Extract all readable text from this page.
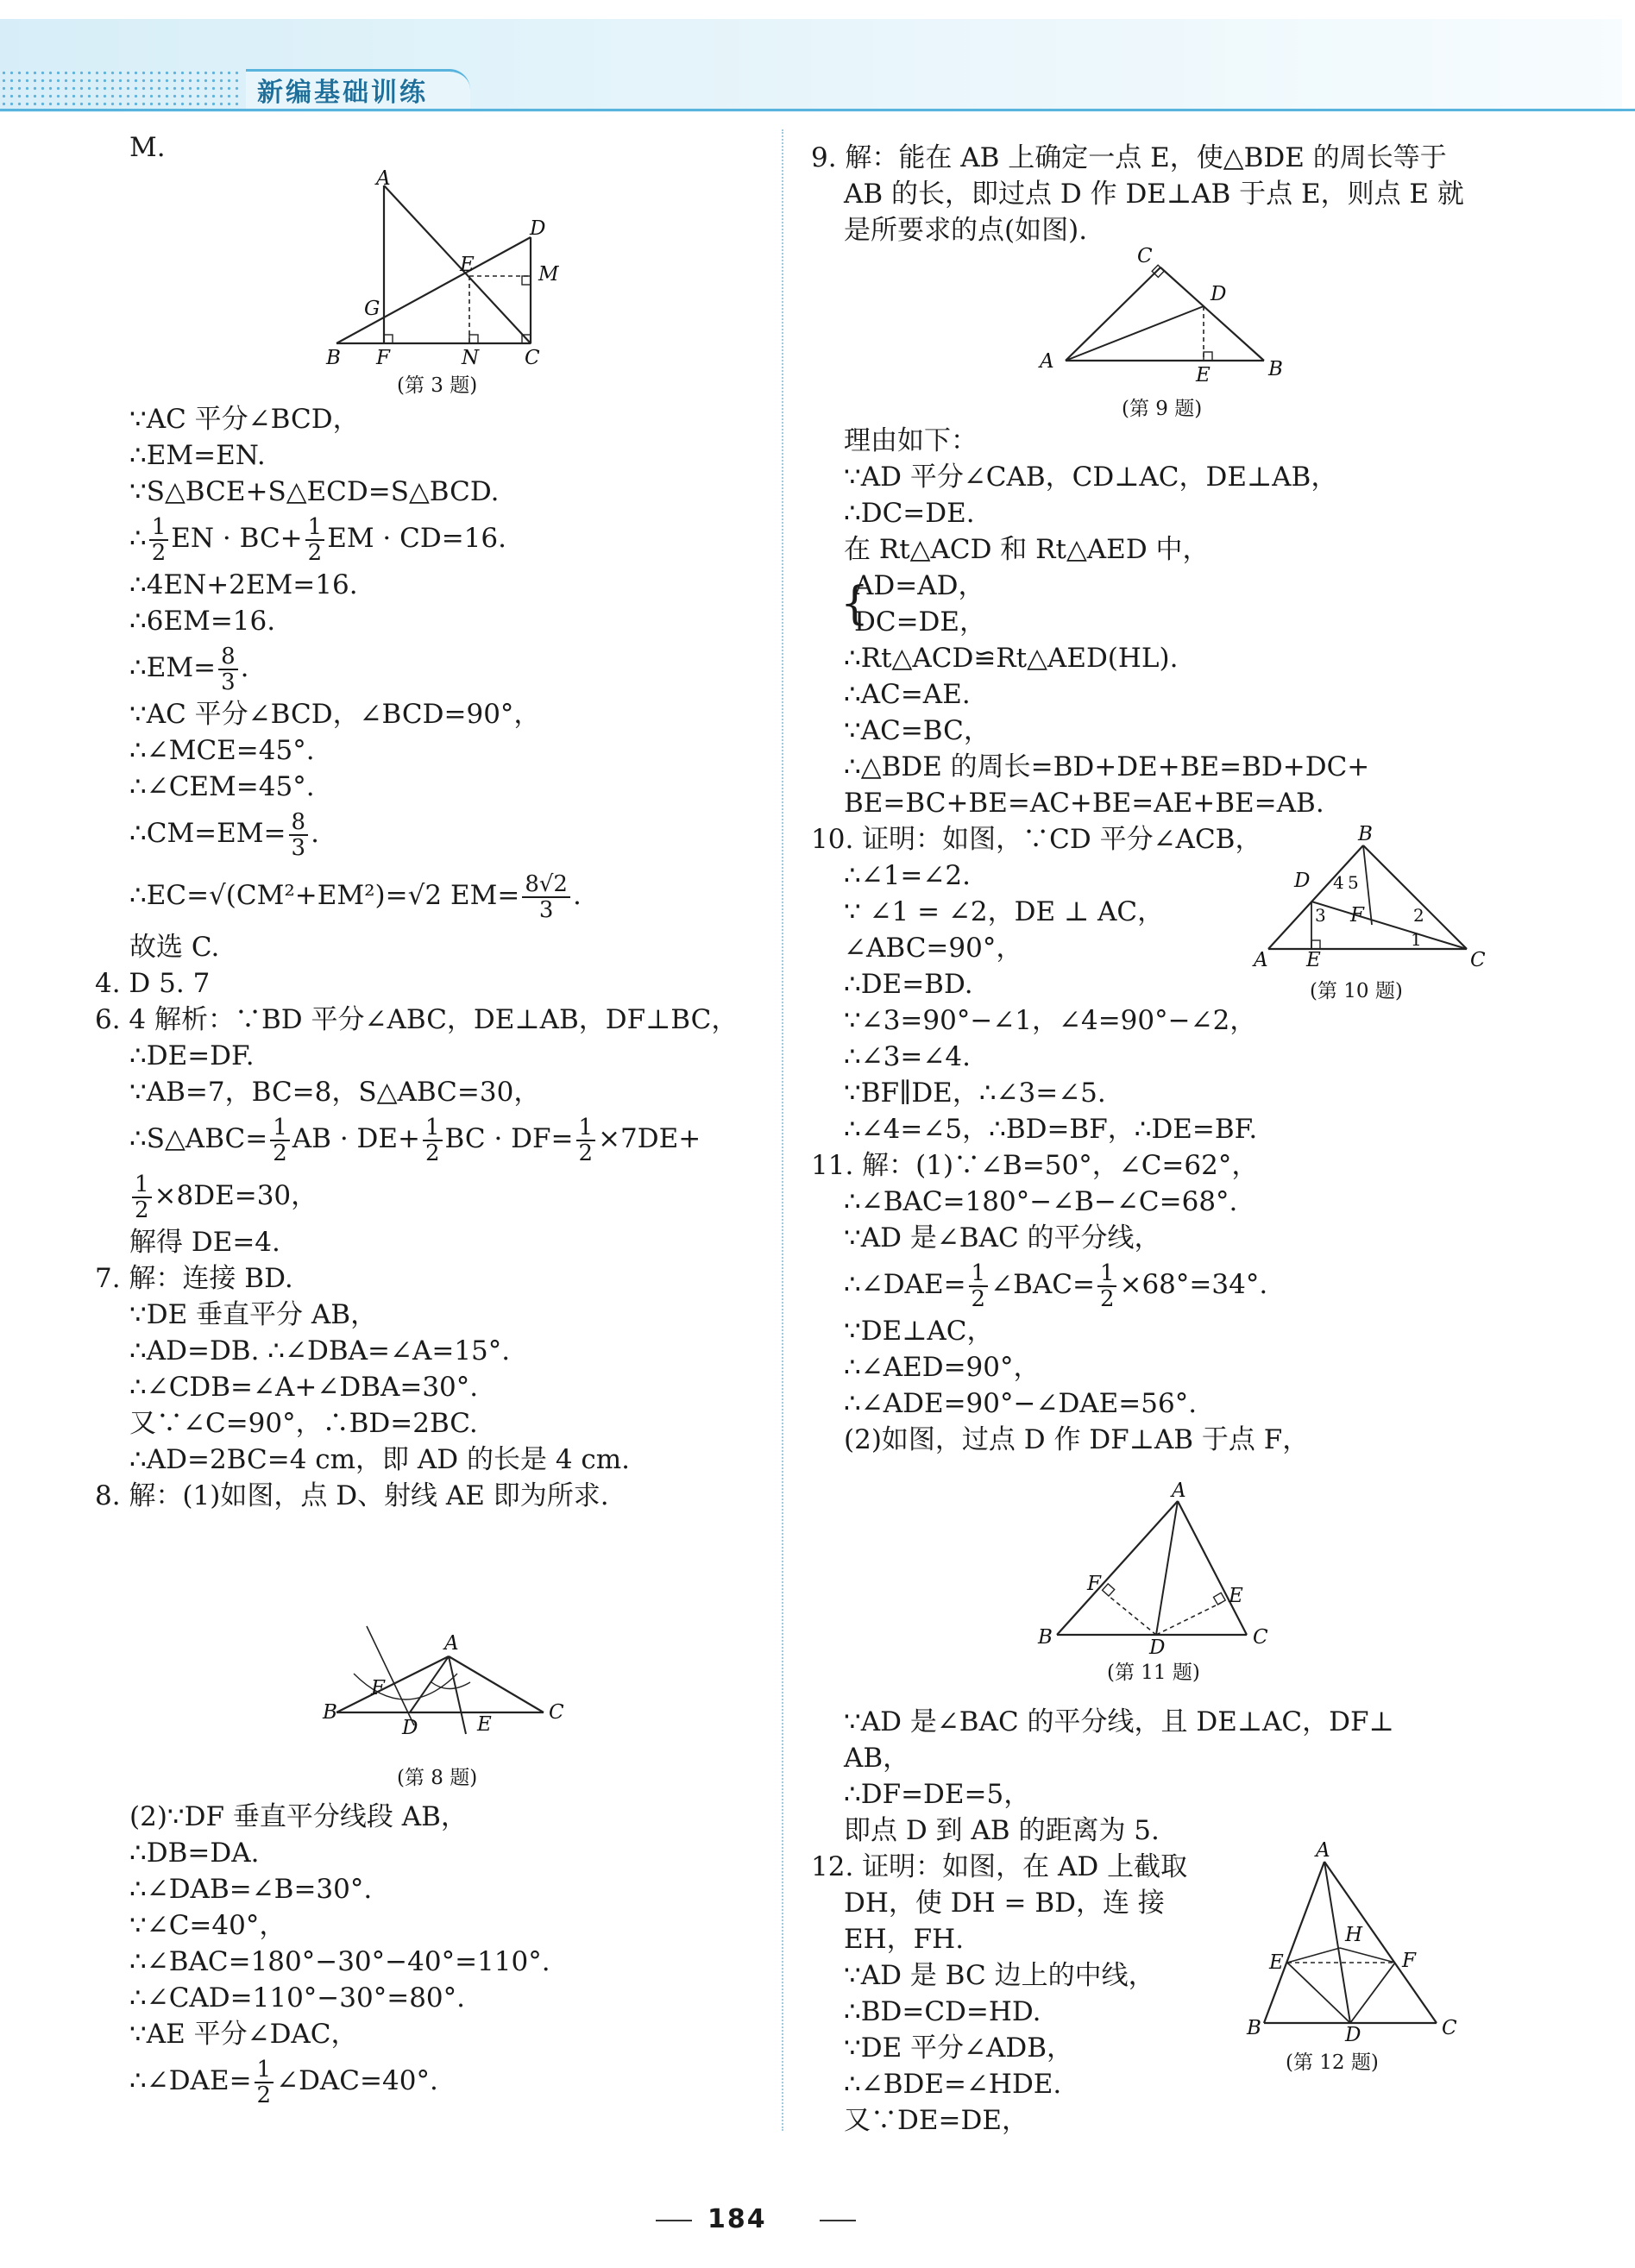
新编基础训练

M.

A
D
E	M
G
B F	N C
(第 3 题)

∵AC 平分∠BCD，

∴EM=EN.

∵S△BCE+S△ECD=S△BCD.

∴ $\frac{1}{2}$ EN · $BC+ \frac{1}{2}$ EM · CD=16.

∴4EN+2EM=16.

∴6EM=16.

∴EM= $\frac{8}{3}$ .

∵AC 平分∠BCD，∠BCD=90°，

∴∠MCE=45°.

∴∠CEM=45°.

∴CM=EM= $\frac{8}{3}$ .

∴EC=√(CM²+EM²)=√2 $EM= \frac{8√2}{3}$ .

故选 C.

4. D 5. 7

6. 4 解析：∵BD 平分∠ABC，DE⊥AB，DF⊥BC，

∴DE=DF.

∵AB=7，BC=8，S△ABC=30，

∴S△ABC= $\frac{1}{2}$ AB · $DE+ \frac{1}{2}$ BC · $DF= \frac{1}{2} \times 7DE+$

$\frac{1}{2} \times 8DE=30$，

解得 DE=4.

7. 解：连接 BD.

∵DE 垂直平分 AB，

∴AD=DB. ∴∠DBA=∠A=15°.

∴∠CDB=∠A+∠DBA=30°.

又∵∠C=90°，∴BD=2BC.

∴AD=2BC=4 cm，即 AD 的长是 4 cm.

8. 解：(1)如图，点 D、射线 AE 即为所求.

A
F
B
D	E
C
(第 8 题)

(2)∵DF 垂直平分线段 AB，

∴DB=DA.

∴∠DAB=∠B=30°.

∵∠C=40°，

∴∠BAC=180°−30°−40°=110°.

∴∠CAD=110°−30°=80°.

∵AE 平分∠DAC，

∴∠DAE= $\frac{1}{2}$ ∠DAC=40°.

9. 解：能在 AB 上确定一点 E，使△BDE 的周长等于

AB 的长，即过点 D 作 DE⊥AB 于点 E，则点 E 就

是所要求的点(如图).

C
D
A
E	B
(第 9 题)

理由如下：

∵AD 平分∠CAB，CD⊥AC，DE⊥AB，

∴DC=DE.

在 Rt△ACD 和 Rt△AED 中，

{
AD=AD，

DC=DE，

∴Rt△ACD≌Rt△AED(HL).

∴AC=AE.

∵AC=BC，

∴△BDE 的周长=BD+DE+BE=BD+DC+

BE=BC+BE=AC+BE=AE+BE=AB.

10. 证明：如图，∵CD 平分∠ACB，

∴∠1=∠2.

∵ ∠1 = ∠2，DE ⊥ AC，

∠ABC=90°，

∴DE=BD.

∵∠3=90°−∠1，∠4=90°−∠2，

∴∠3=∠4.

∵BF∥DE，∴∠3=∠5.

∴∠4=∠5，∴BD=BF，∴DE=BF.

11. 解：(1)∵∠B=50°，∠C=62°，

∴∠BAC=180°−∠B−∠C=68°.

∵AD 是∠BAC 的平分线，

∴∠DAE= $\frac{1}{2}$ ∠BAC= $\frac{1}{2} \times 68^\circ=34^\circ$.

∵DE⊥AC，

∴∠AED=90°，

∴∠ADE=90°−∠DAE=56°.

(2)如图，过点 D 作 DF⊥AB 于点 F，

B
D 4 5
3 F	2
1
A E	C
(第 10 题)
A
F
E
B	D	C
(第 11 题)

∵AD 是∠BAC 的平分线，且 DE⊥AC，DF⊥

AB，

∴DF=DE=5，

即点 D 到 AB 的距离为 5.

12. 证明：如图，在 AD 上截取

DH，使 DH = BD，连 接

EH，FH.

∵AD 是 BC 边上的中线，

∴BD=CD=HD.

∵DE 平分∠ADB，

∴∠BDE=∠HDE.

又∵DE=DE，

A
H
E	F
B	D	C
(第 12 题)
184
